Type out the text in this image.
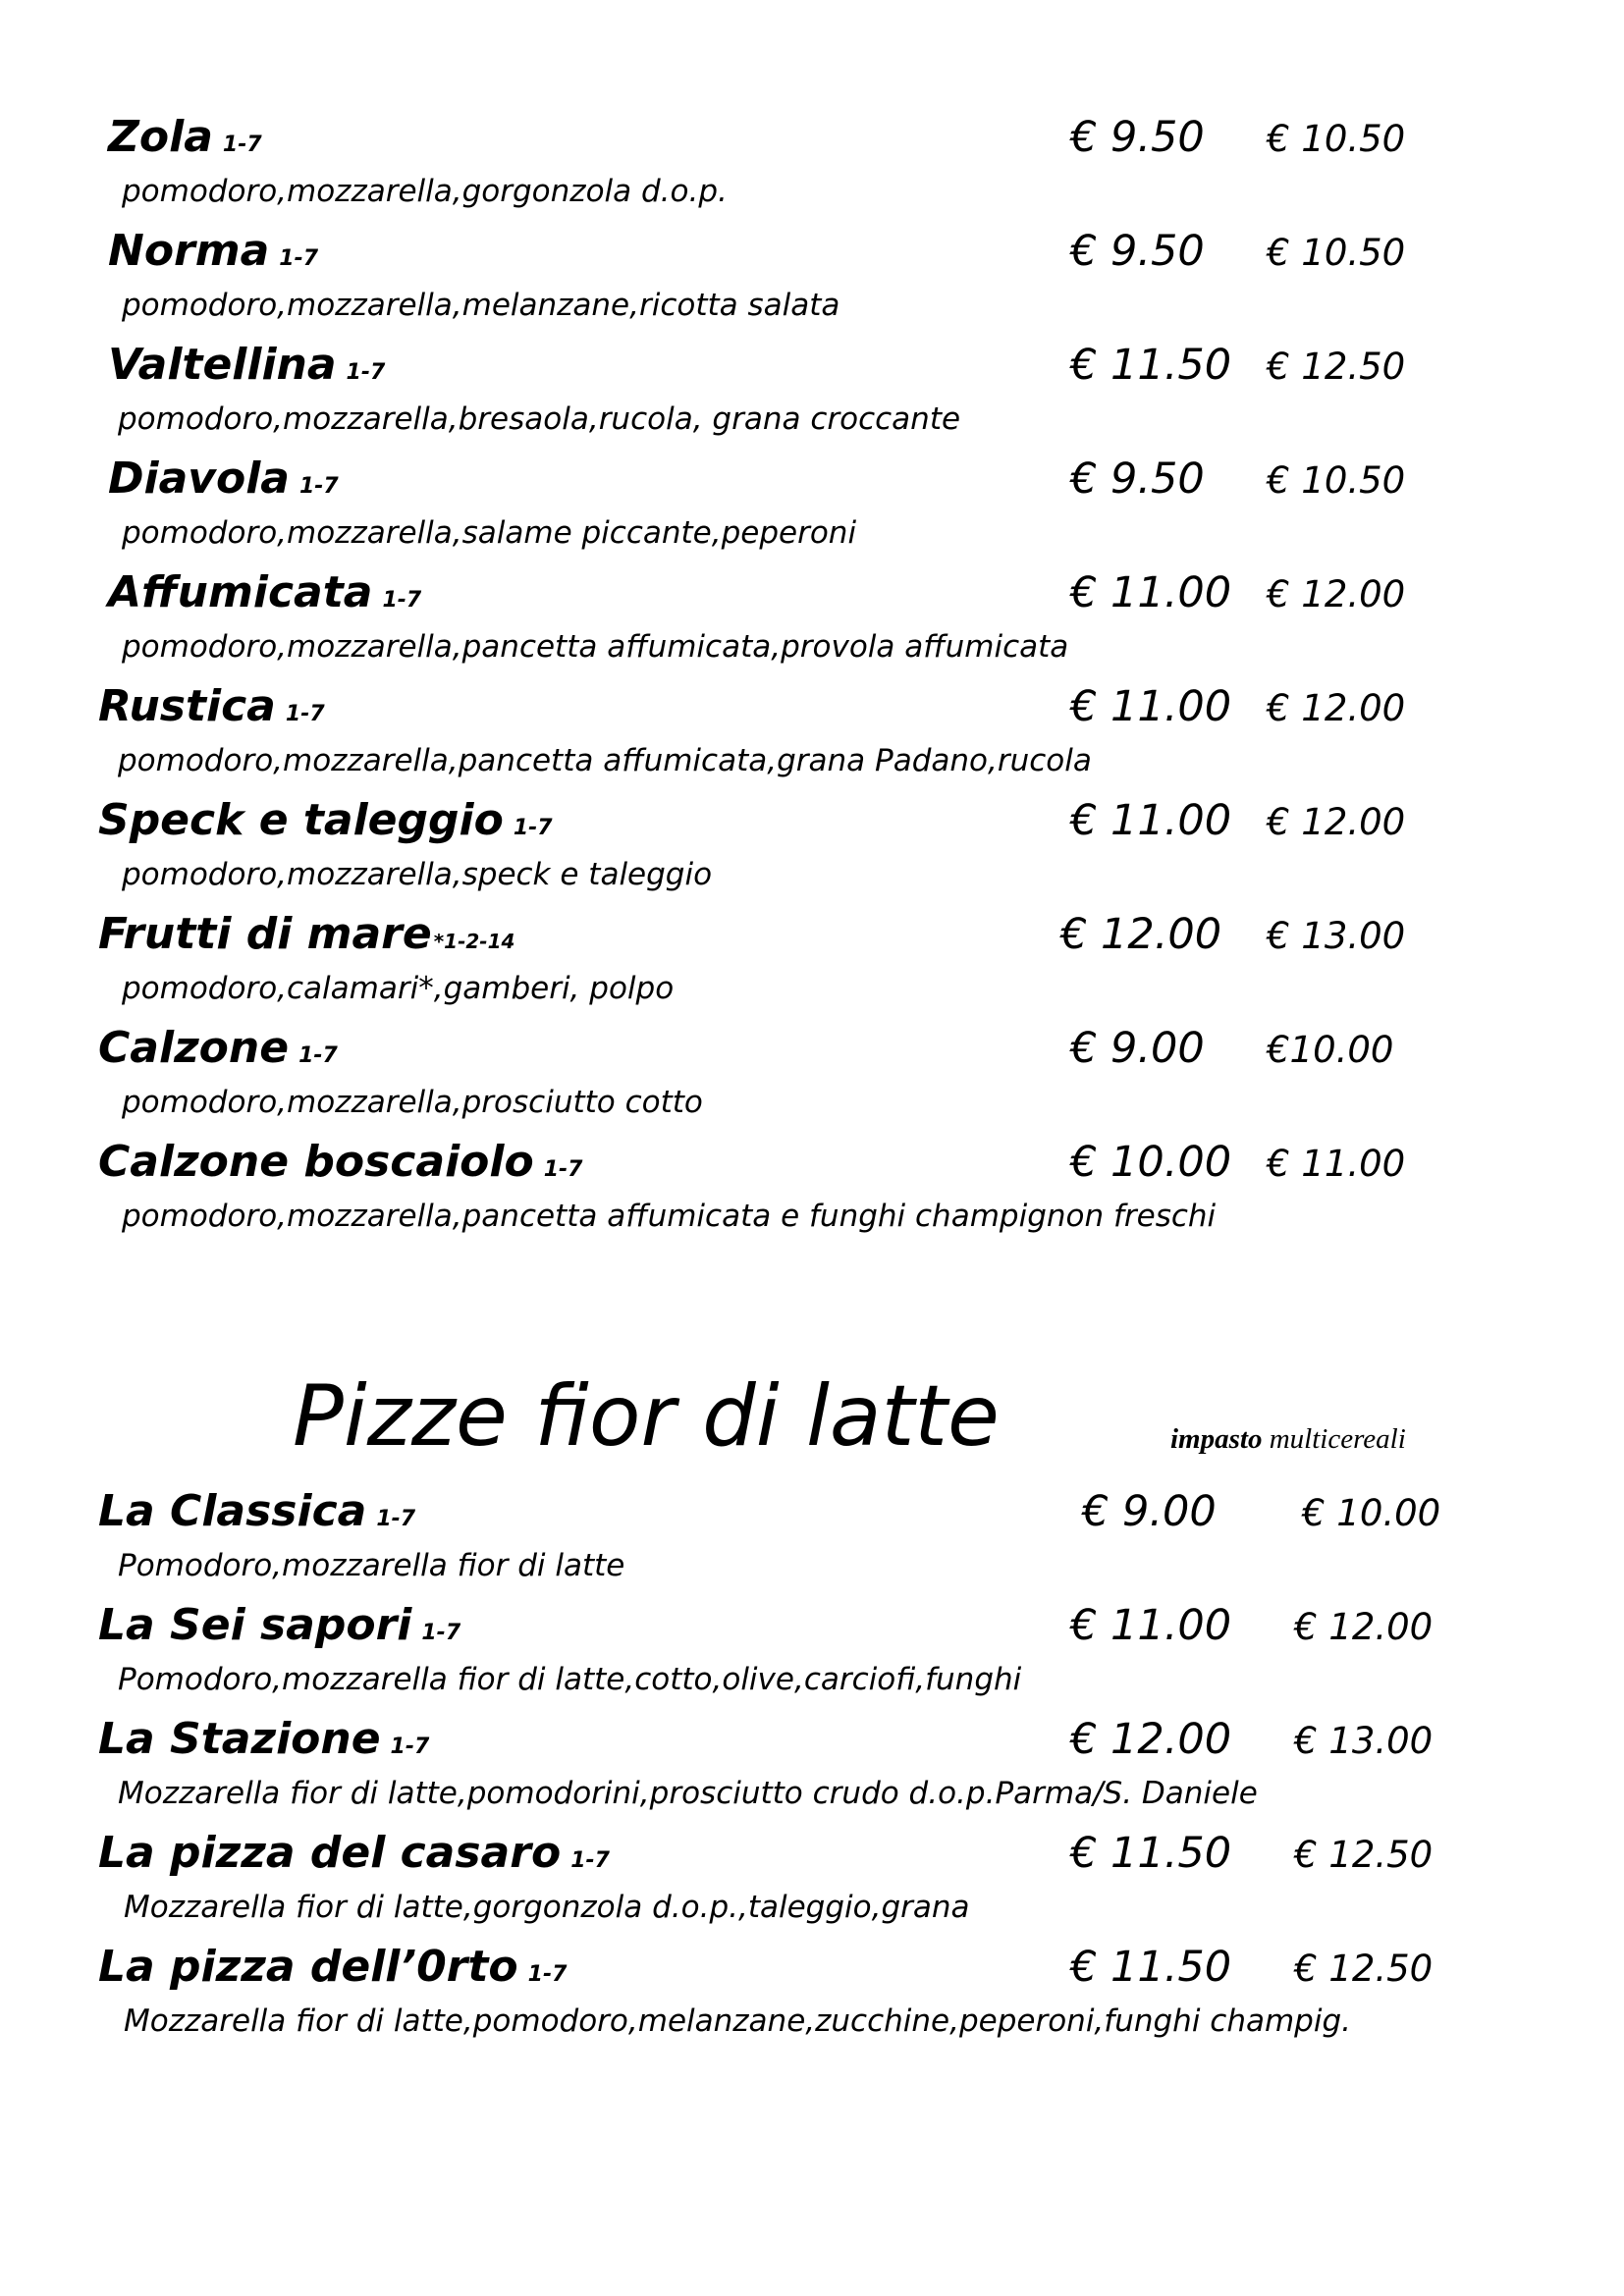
Zola 1-7
pomodoro,mozzarella,gorgonzola d.o.p.
€ 9.50 € 10.50
Norma 1-7
pomodoro,mozzarella,melanzane,ricotta salata
€ 9.50 € 10.50
Valtellina 1-7
pomodoro,mozzarella,bresaola,rucola, grana croccante
€ 11.50 € 12.50
Diavola 1-7
pomodoro,mozzarella,salame piccante,peperoni
€ 9.50 € 10.50
Affumicata 1-7
pomodoro,mozzarella,pancetta affumicata,provola affumicata
€ 11.00 € 12.00
Rustica 1-7
pomodoro,mozzarella,pancetta affumicata,grana Padano,rucola
€ 11.00 € 12.00
Speck e taleggio 1-7
pomodoro,mozzarella,speck e taleggio
€ 11.00 € 12.00
Frutti di mare *1-2-14
pomodoro,calamari*,gamberi, polpo
€ 12.00 € 13.00
Calzone 1-7
pomodoro,mozzarella,prosciutto cotto
€ 9.00 €10.00
Calzone boscaiolo 1-7
pomodoro,mozzarella,pancetta affumicata e funghi champignon freschi
€ 10.00 € 11.00
Pizze fior di latte	impasto multicereali
La Classica 1-7
Pomodoro,mozzarella fior di latte
€ 9.00 € 10.00
La Sei sapori 1-7
Pomodoro,mozzarella fior di latte,cotto,olive,carciofi,funghi
€ 11.00 € 12.00
La Stazione 1-7
Mozzarella fior di latte,pomodorini,prosciutto crudo d.o.p.Parma/S. Daniele
€ 12.00 € 13.00
La pizza del casaro 1-7
Mozzarella fior di latte,gorgonzola d.o.p.,taleggio,grana
€ 11.50 € 12.50
La pizza dell’0rto 1-7
Mozzarella fior di latte,pomodoro,melanzane,zucchine,peperoni,funghi champig.
€ 11.50 € 12.50
